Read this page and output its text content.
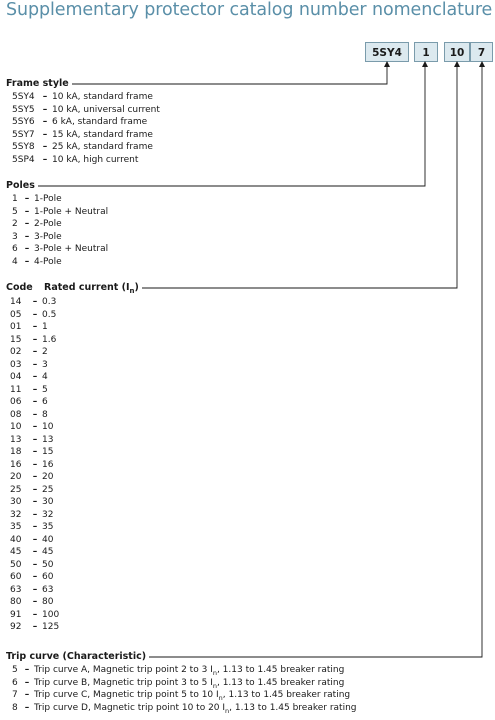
Supplementary protector catalog number nomenclature
5SY4	1	10	7
Frame style
5SY4 – 10 kA, standard frame
5SY5 – 10 kA, universal current
5SY6 – 6 kA, standard frame
5SY7 – 15 kA, standard frame
5SY8 – 25 kA, standard frame
5SP4 – 10 kA, high current
Poles
1 – 1-Pole
5 – 1-Pole + Neutral
2 – 2-Pole
3 – 3-Pole
6 – 3-Pole + Neutral
4 – 4-Pole
Code	Rated current $(I_n)$
14 – 0.3
05 – 0.5
01 – 1
15 – 1.6
02 – 2
03 – 3
04 – 4
11 – 5
06 – 6
08 – 8
10 – 10
13 – 13
18 – 15
16 – 16
20 – 20
25 – 25
30 – 30
32 – 32
35 – 35
40 – 40
45 – 45
50 – 50
60 – 60
63 – 63
80 – 80
91 – 100
92 – 125
Trip curve (Characteristic)
5 – Trip curve A, Magnetic trip point 2 to 3 $I_n$, 1.13 to 1.45 breaker rating
6 – Trip curve B, Magnetic trip point 3 to 5 $I_n$, 1.13 to 1.45 breaker rating
7 – Trip curve C, Magnetic trip point 5 to 10 $I_n$, 1.13 to 1.45 breaker rating
8 – Trip curve D, Magnetic trip point 10 to 20 $I_n$, 1.13 to 1.45 breaker rating
